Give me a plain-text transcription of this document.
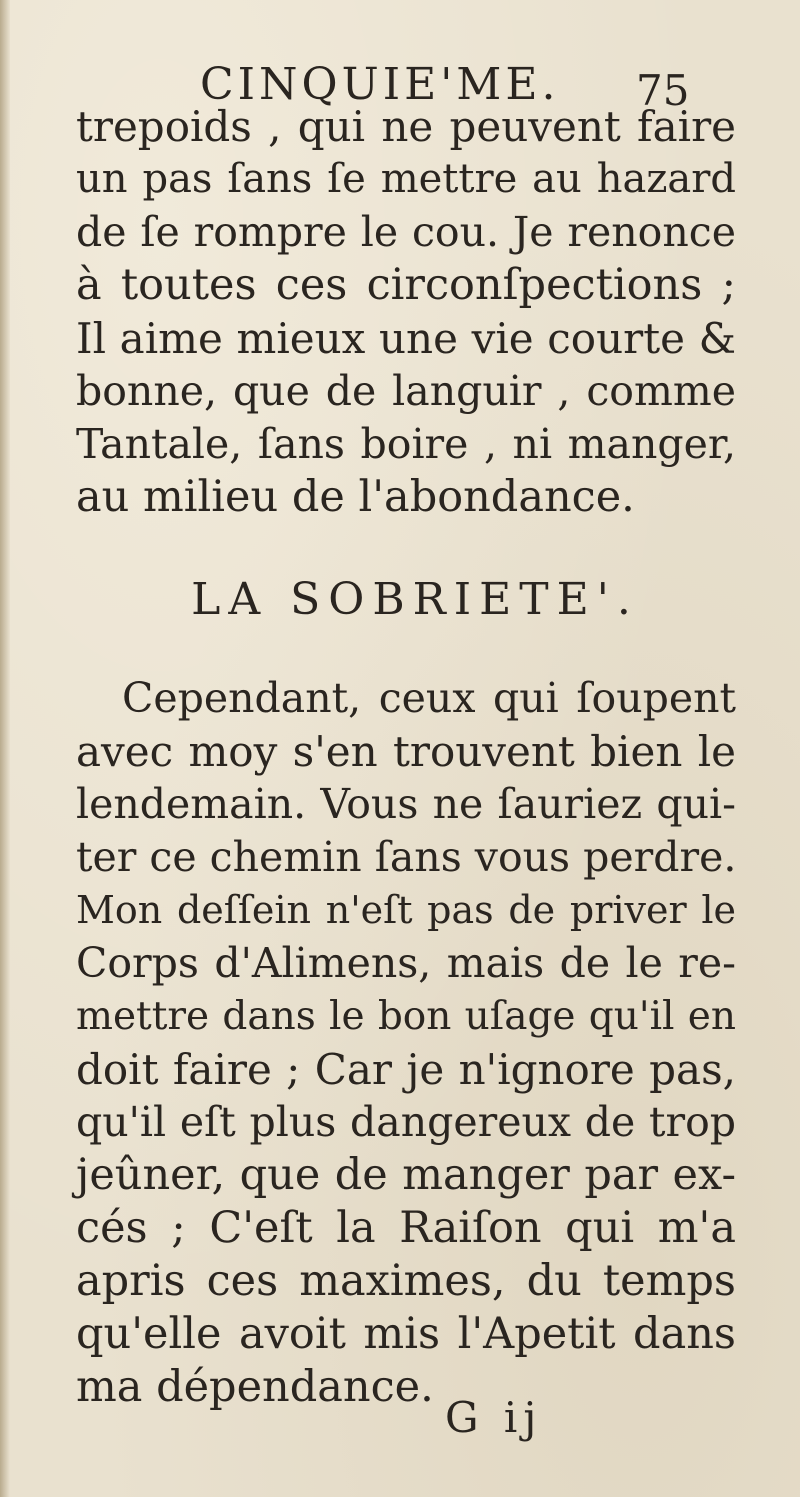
CINQUIE'ME. 75
trepoids , qui ne peuvent faire
un pas ſans ſe mettre au hazard
de ſe rompre le cou. Je renonce
à toutes ces circonſpections ;
Il aime mieux une vie courte &
bonne, que de languir , comme
Tantale, ſans boire , ni manger,
au milieu de l'abondance.
LA SOBRIETE'.
Cependant, ceux qui ſoupent
avec moy s'en trouvent bien le
lendemain. Vous ne ſauriez qui-
ter ce chemin ſans vous perdre.
Mon deſſein n'eſt pas de priver le
Corps d'Alimens, mais de le re-
mettre dans le bon uſage qu'il en
doit faire ; Car je n'ignore pas,
qu'il eſt plus dangereux de trop
jeûner, que de manger par ex-
cés ; C'eſt la Raiſon qui m'a
apris ces maximes, du temps
qu'elle avoit mis l'Apetit dans
ma dépendance.
G ij
